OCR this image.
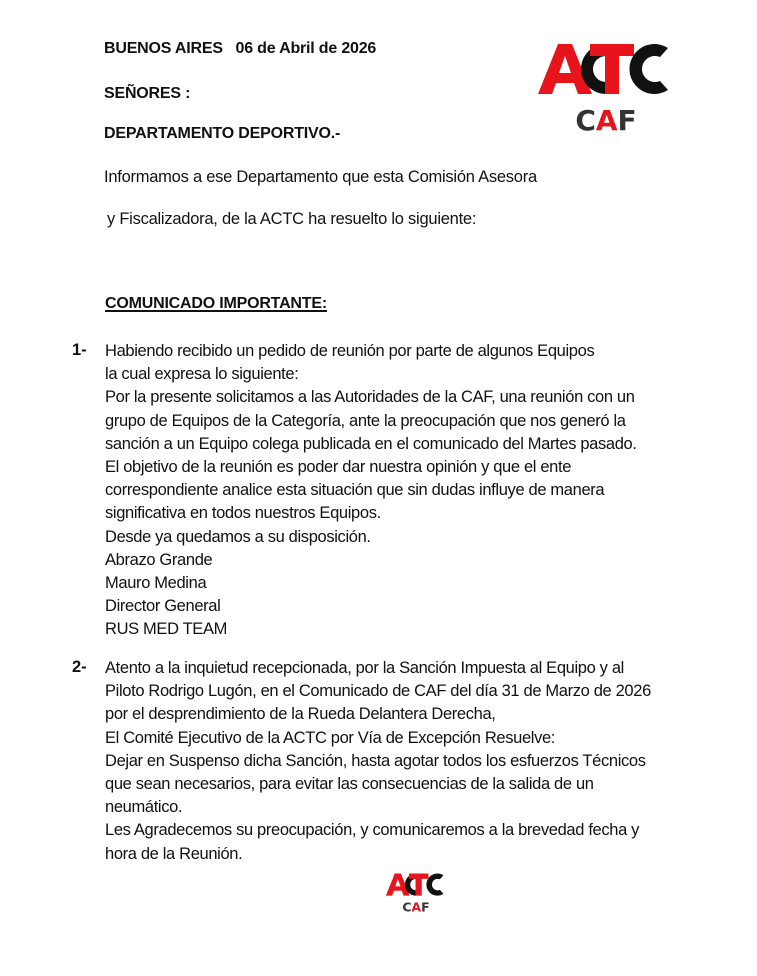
BUENOS AIRES   06 de Abril de 2026
SEÑORES :
DEPARTAMENTO DEPORTIVO.-	CAF
Informamos a ese Departamento que esta Comisión Asesora
y Fiscalizadora, de la ACTC ha resuelto lo siguiente:
COMUNICADO IMPORTANTE:
1- Habiendo recibido un pedido de reunión por parte de algunos Equipos
la cual expresa lo siguiente:
Por la presente solicitamos a las Autoridades de la CAF, una reunión con un
grupo de Equipos de la Categoría, ante la preocupación que nos generó la
sanción a un Equipo colega publicada en el comunicado del Martes pasado.
El objetivo de la reunión es poder dar nuestra opinión y que el ente
correspondiente analice esta situación que sin dudas influye de manera
significativa en todos nuestros Equipos.
Desde ya quedamos a su disposición.
Abrazo Grande
Mauro Medina
Director General
RUS MED TEAM
2- Atento a la inquietud recepcionada, por la Sanción Impuesta al Equipo y al
Piloto Rodrigo Lugón, en el Comunicado de CAF del día 31 de Marzo de 2026
por el desprendimiento de la Rueda Delantera Derecha,
El Comité Ejecutivo de la ACTC por Vía de Excepción Resuelve:
Dejar en Suspenso dicha Sanción, hasta agotar todos los esfuerzos Técnicos
que sean necesarios, para evitar las consecuencias de la salida de un
neumático.
Les Agradecemos su preocupación, y comunicaremos a la brevedad fecha y
hora de la Reunión.
CAF
